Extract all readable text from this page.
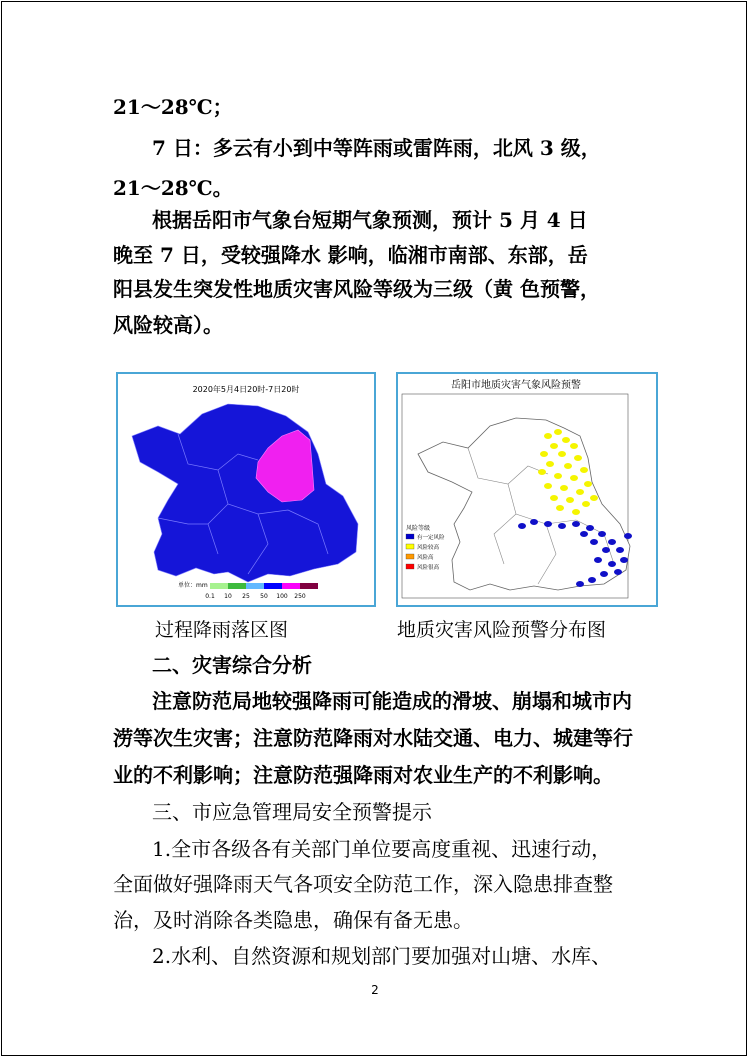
21～28℃；
7 日：多云有小到中等阵雨或雷阵雨，北风 3 级，
21～28℃。
根据岳阳市气象台短期气象预测，预计 5 月 4 日
晚至 7 日，受较强降水 影响，临湘市南部、东部，岳
阳县发生突发性地质灾害风险等级为三级（黄 色预警，
风险较高）。
2020年5月4日20时-7日20时
单位：mm
0.1 10 25 50 100 250
岳阳市地质灾害气象风险预警
风险等级
有一定风险
风险较高
风险高
风险很高
过程降雨落区图	地质灾害风险预警分布图
二、灾害综合分析
注意防范局地较强降雨可能造成的滑坡、崩塌和城市内
涝等次生灾害；注意防范降雨对水陆交通、电力、城建等行
业的不利影响；注意防范强降雨对农业生产的不利影响。
三、市应急管理局安全预警提示
1.全市各级各有关部门单位要高度重视、迅速行动，
全面做好强降雨天气各项安全防范工作，深入隐患排查整
治，及时消除各类隐患，确保有备无患。
2.水利、自然资源和规划部门要加强对山塘、水库、
2
